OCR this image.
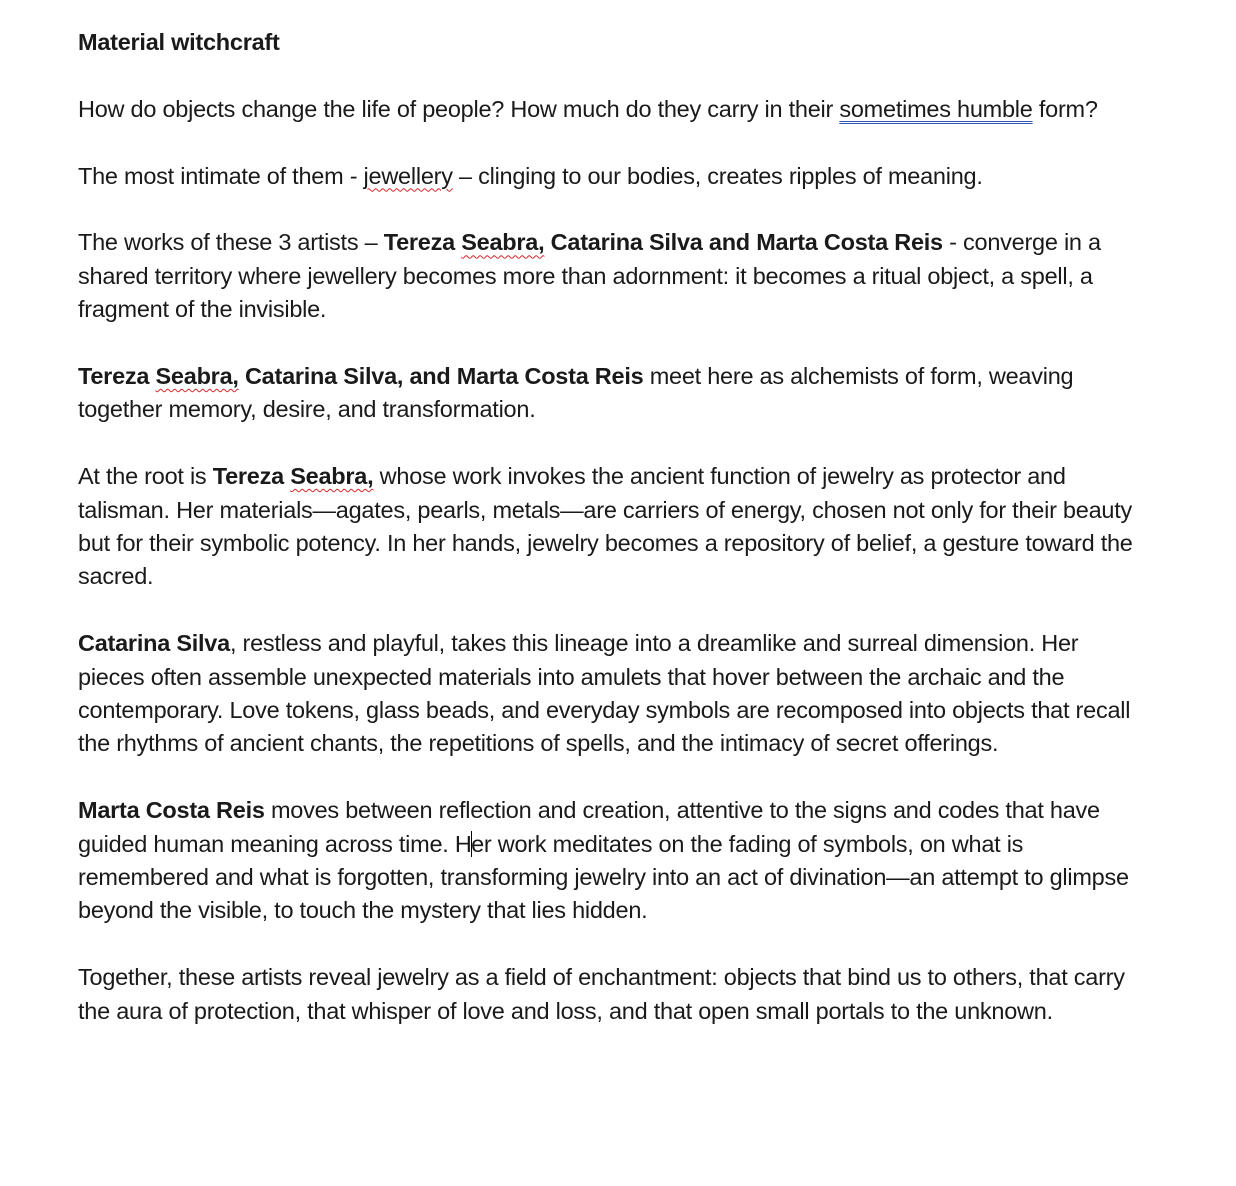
Material witchcraft

How do objects change the life of people? How much do they carry in their sometimes humble form?

The most intimate of them - jewellery – clinging to our bodies, creates ripples of meaning.

The works of these 3 artists – Tereza Seabra, Catarina Silva and Marta Costa Reis - converge in a shared territory where jewellery becomes more than adornment: it becomes a ritual object, a spell, a fragment of the invisible.

Tereza Seabra, Catarina Silva, and Marta Costa Reis meet here as alchemists of form, weaving together memory, desire, and transformation.

At the root is Tereza Seabra, whose work invokes the ancient function of jewelry as protector and talisman. Her materials—agates, pearls, metals—are carriers of energy, chosen not only for their beauty but for their symbolic potency. In her hands, jewelry becomes a repository of belief, a gesture toward the sacred.

Catarina Silva, restless and playful, takes this lineage into a dreamlike and surreal dimension. Her pieces often assemble unexpected materials into amulets that hover between the archaic and the contemporary. Love tokens, glass beads, and everyday symbols are recomposed into objects that recall the rhythms of ancient chants, the repetitions of spells, and the intimacy of secret offerings.

Marta Costa Reis moves between reflection and creation, attentive to the signs and codes that have guided human meaning across time. Her work meditates on the fading of symbols, on what is remembered and what is forgotten, transforming jewelry into an act of divination—an attempt to glimpse beyond the visible, to touch the mystery that lies hidden.

Together, these artists reveal jewelry as a field of enchantment: objects that bind us to others, that carry the aura of protection, that whisper of love and loss, and that open small portals to the unknown.
